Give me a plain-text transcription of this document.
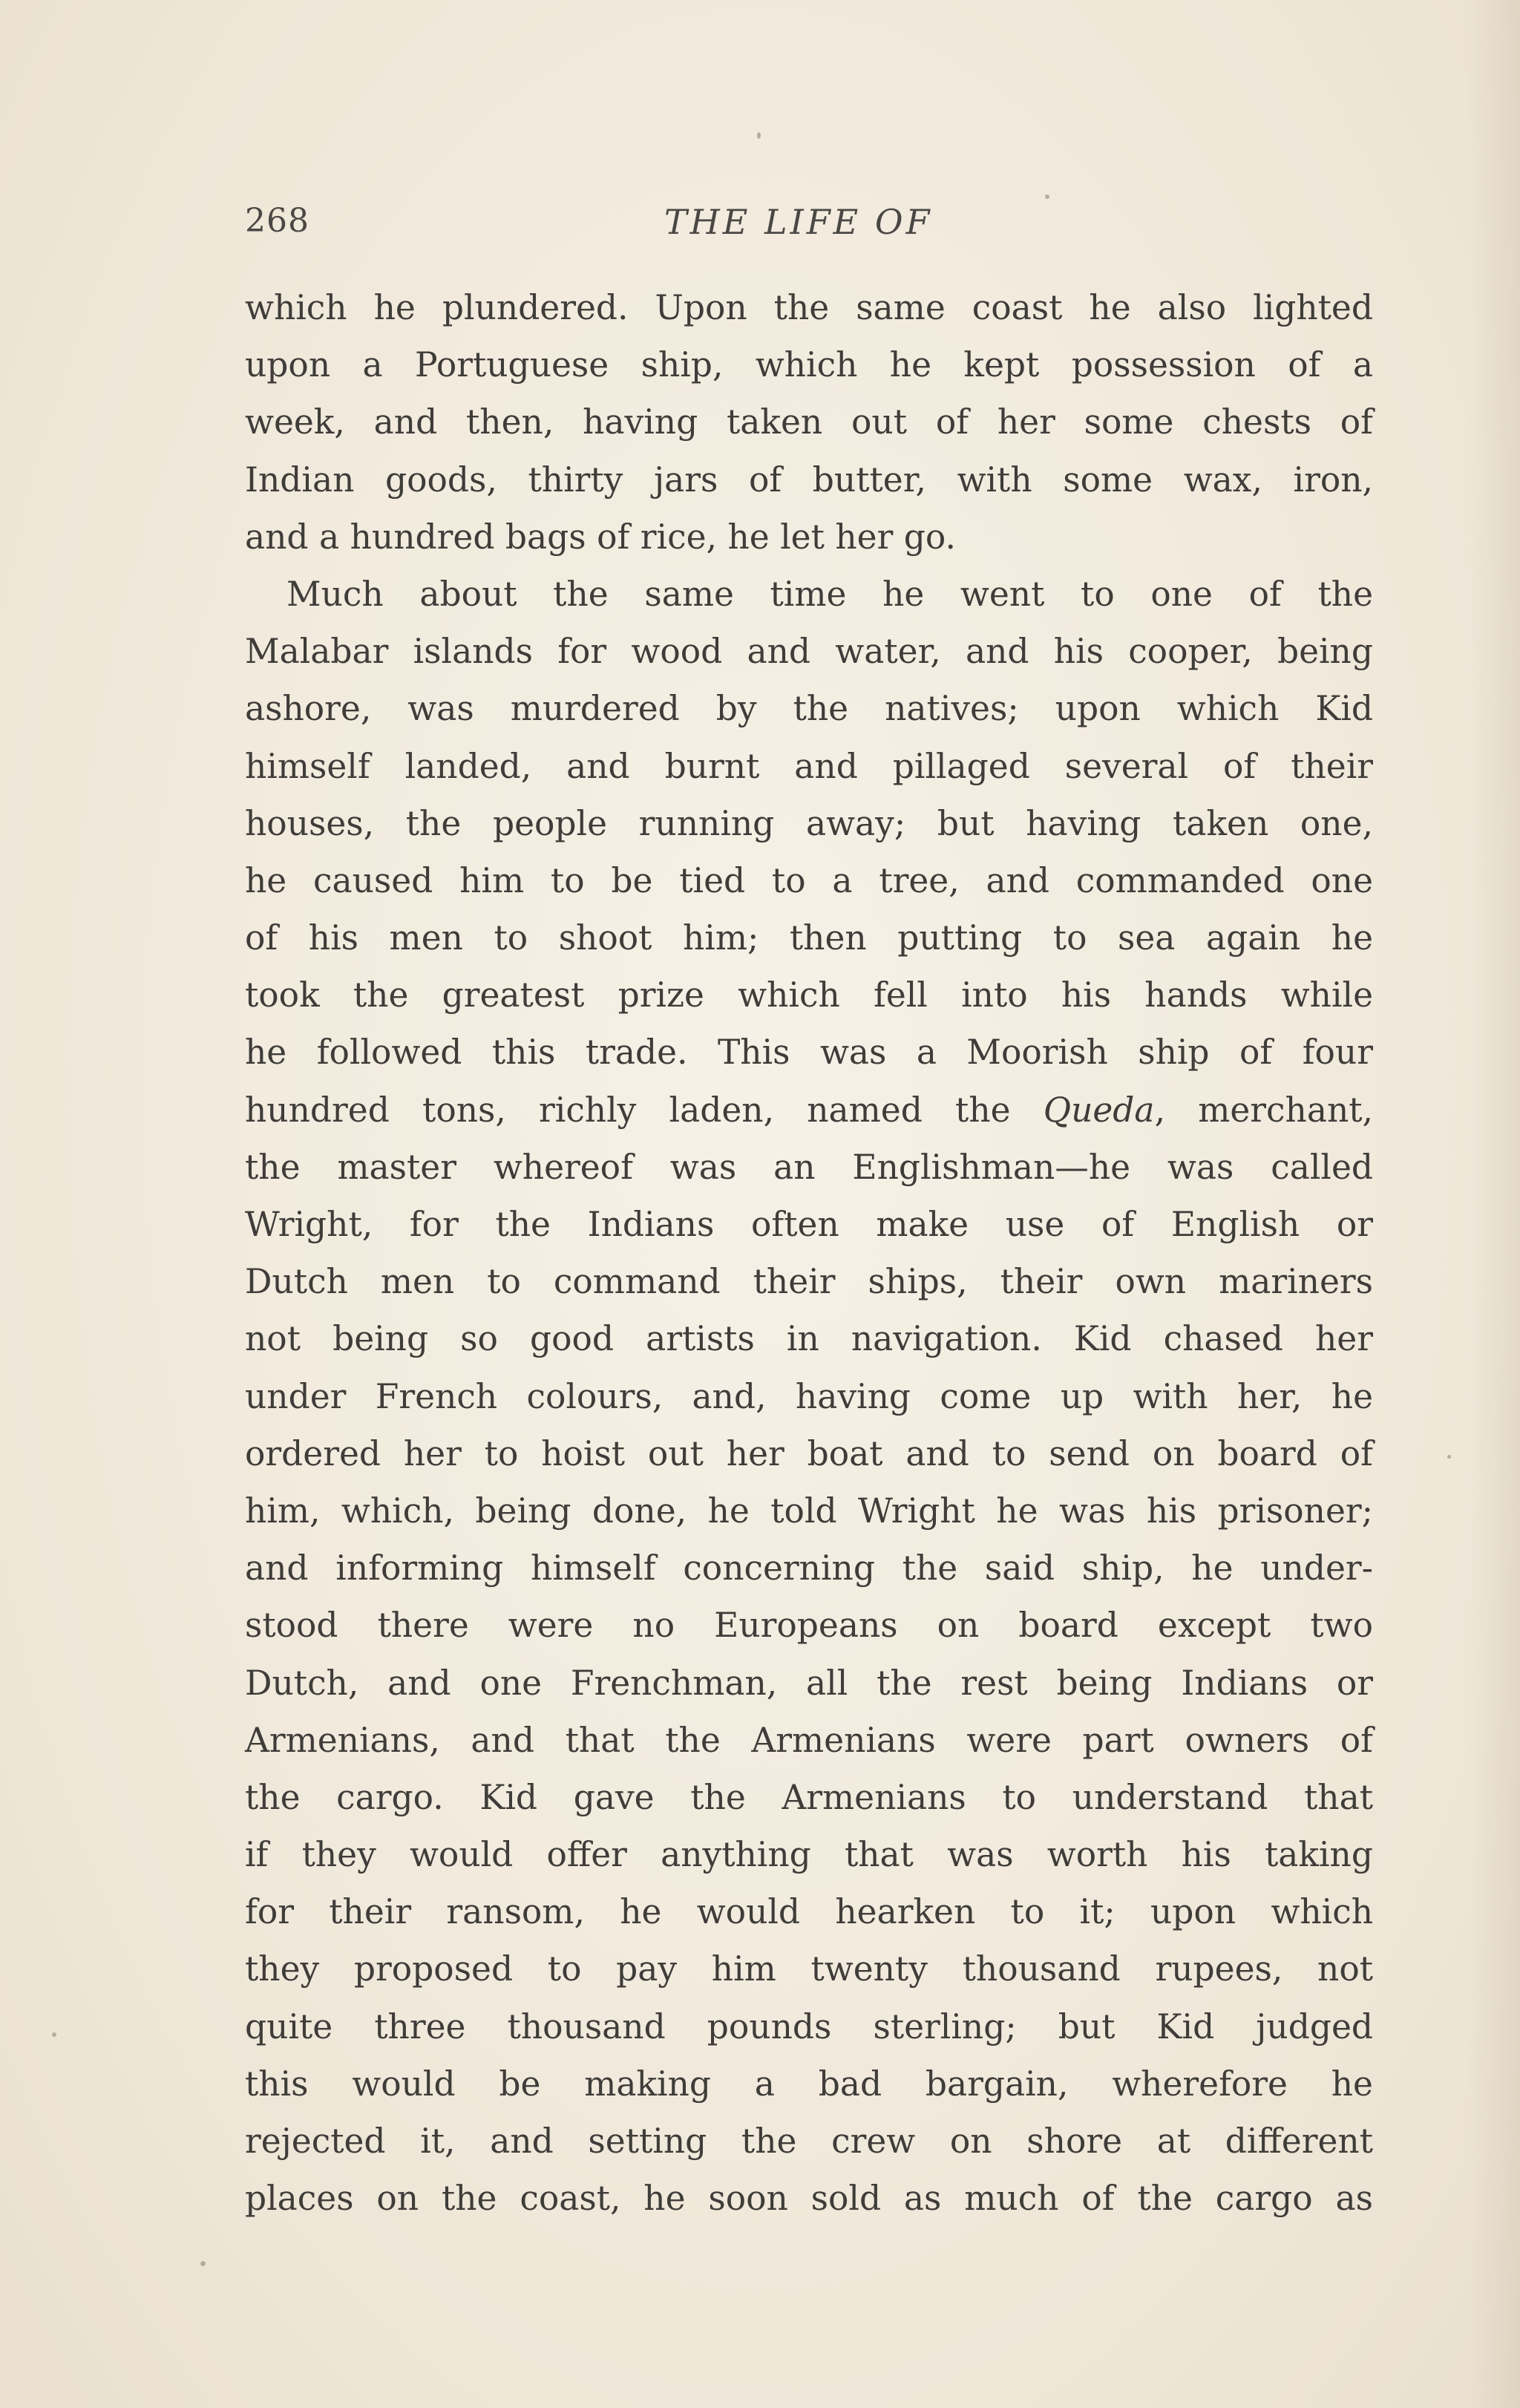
268	THE LIFE OF
which he plundered. Upon the same coast he also lighted
upon a Portuguese ship, which he kept possession of a
week, and then, having taken out of her some chests of
Indian goods, thirty jars of butter, with some wax, iron,
and a hundred bags of rice, he let her go.
Much about the same time he went to one of the
Malabar islands for wood and water, and his cooper, being
ashore, was murdered by the natives; upon which Kid
himself landed, and burnt and pillaged several of their
houses, the people running away; but having taken one,
he caused him to be tied to a tree, and commanded one
of his men to shoot him; then putting to sea again he
took the greatest prize which fell into his hands while
he followed this trade. This was a Moorish ship of four
hundred tons, richly laden, named the Queda, merchant,
the master whereof was an Englishman—he was called
Wright, for the Indians often make use of English or
Dutch men to command their ships, their own mariners
not being so good artists in navigation. Kid chased her
under French colours, and, having come up with her, he
ordered her to hoist out her boat and to send on board of
him, which, being done, he told Wright he was his prisoner;
and informing himself concerning the said ship, he under-
stood there were no Europeans on board except two
Dutch, and one Frenchman, all the rest being Indians or
Armenians, and that the Armenians were part owners of
the cargo. Kid gave the Armenians to understand that
if they would offer anything that was worth his taking
for their ransom, he would hearken to it; upon which
they proposed to pay him twenty thousand rupees, not
quite three thousand pounds sterling; but Kid judged
this would be making a bad bargain, wherefore he
rejected it, and setting the crew on shore at different
places on the coast, he soon sold as much of the cargo as
